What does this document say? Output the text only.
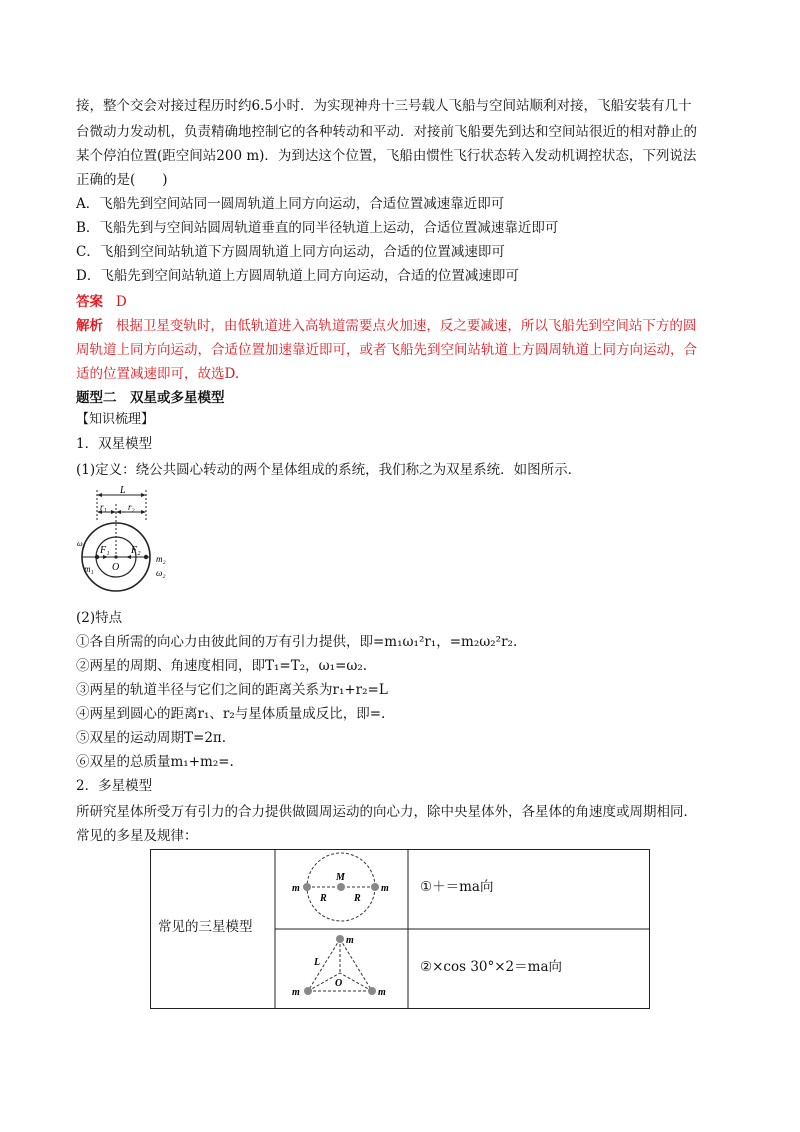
接，整个交会对接过程历时约6.5小时．为实现神舟十三号载人飞船与空间站顺利对接，飞船安装有几十
台微动力发动机，负责精确地控制它的各种转动和平动．对接前飞船要先到达和空间站很近的相对静止的
某个停泊位置(距空间站200 m)．为到达这个位置，飞船由惯性飞行状态转入发动机调控状态，下列说法
正确的是(　　)
A．飞船先到空间站同一圆周轨道上同方向运动，合适位置减速靠近即可
B．飞船先到与空间站圆周轨道垂直的同半径轨道上运动，合适位置减速靠近即可
C．飞船到空间站轨道下方圆周轨道上同方向运动，合适的位置减速即可
D．飞船先到空间站轨道上方圆周轨道上同方向运动，合适的位置减速即可
答案 D
解析 根据卫星变轨时，由低轨道进入高轨道需要点火加速，反之要减速，所以飞船先到空间站下方的圆
周轨道上同方向运动，合适位置加速靠近即可，或者飞船先到空间站轨道上方圆周轨道上同方向运动，合
适的位置减速即可，故选D.
题型二　双星或多星模型
【知识梳理】
1．双星模型
(1)定义：绕公共圆心转动的两个星体组成的系统，我们称之为双星系统．如图所示．
L
r₁ r₂
F₁ F₂
O
m₁
m₂
ω₂
ω₁
(2)特点
①各自所需的向心力由彼此间的万有引力提供，即=m₁ω₁²r₁，=m₂ω₂²r₂.
②两星的周期、角速度相同，即T₁=T₂，ω₁=ω₂.
③两星的轨道半径与它们之间的距离关系为r₁+r₂=L
④两星到圆心的距离r₁、r₂与星体质量成反比，即=.
⑤双星的运动周期T=2π.
⑥双星的总质量m₁+m₂=.
2．多星模型
所研究星体所受万有引力的合力提供做圆周运动的向心力，除中央星体外，各星体的角速度或周期相同．
常见的多星及规律：
常见的三星模型
①＋＝ma向
②×cos 30°×2＝ma向
m
M
m
R	R
m
L
O
m	m
